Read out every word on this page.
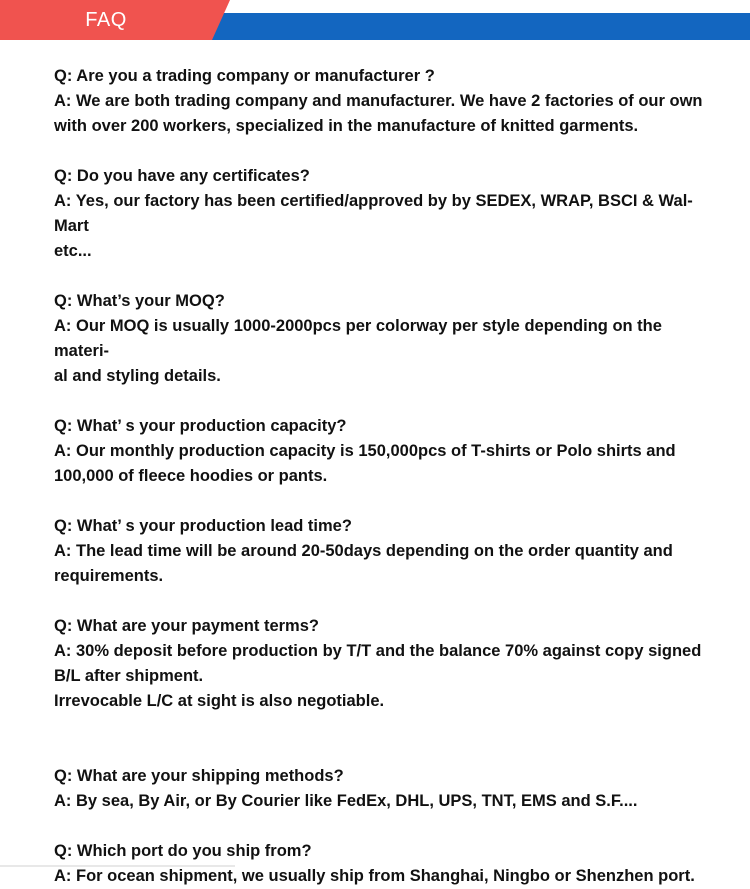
FAQ

Q: Are you a trading company or manufacturer ?

A: We are both trading company and manufacturer. We have 2 factories of our own

with over 200 workers, specialized in the manufacture of knitted garments.

Q: Do you have any certificates?

A: Yes, our factory has been certified/approved by by SEDEX, WRAP, BSCI & Wal-Mart

etc...

Q: What’s your MOQ?

A: Our MOQ is usually 1000-2000pcs per colorway per style depending on the materi-

al and styling details.

Q: What’ s your production capacity?

A: Our monthly production capacity is 150,000pcs of T-shirts or Polo shirts and

100,000 of fleece hoodies or pants.

Q: What’ s your production lead time?

A: The lead time will be around 20-50days depending on the order quantity and

requirements.

Q: What are your payment terms?

A: 30% deposit before production by T/T and the balance 70% against copy signed

B/L after shipment.

Irrevocable L/C at sight is also negotiable.

Q: What are your shipping methods?

A: By sea, By Air, or By Courier like FedEx, DHL, UPS, TNT, EMS and S.F....

Q: Which port do you ship from?

A: For ocean shipment, we usually ship from Shanghai, Ningbo or Shenzhen port.
